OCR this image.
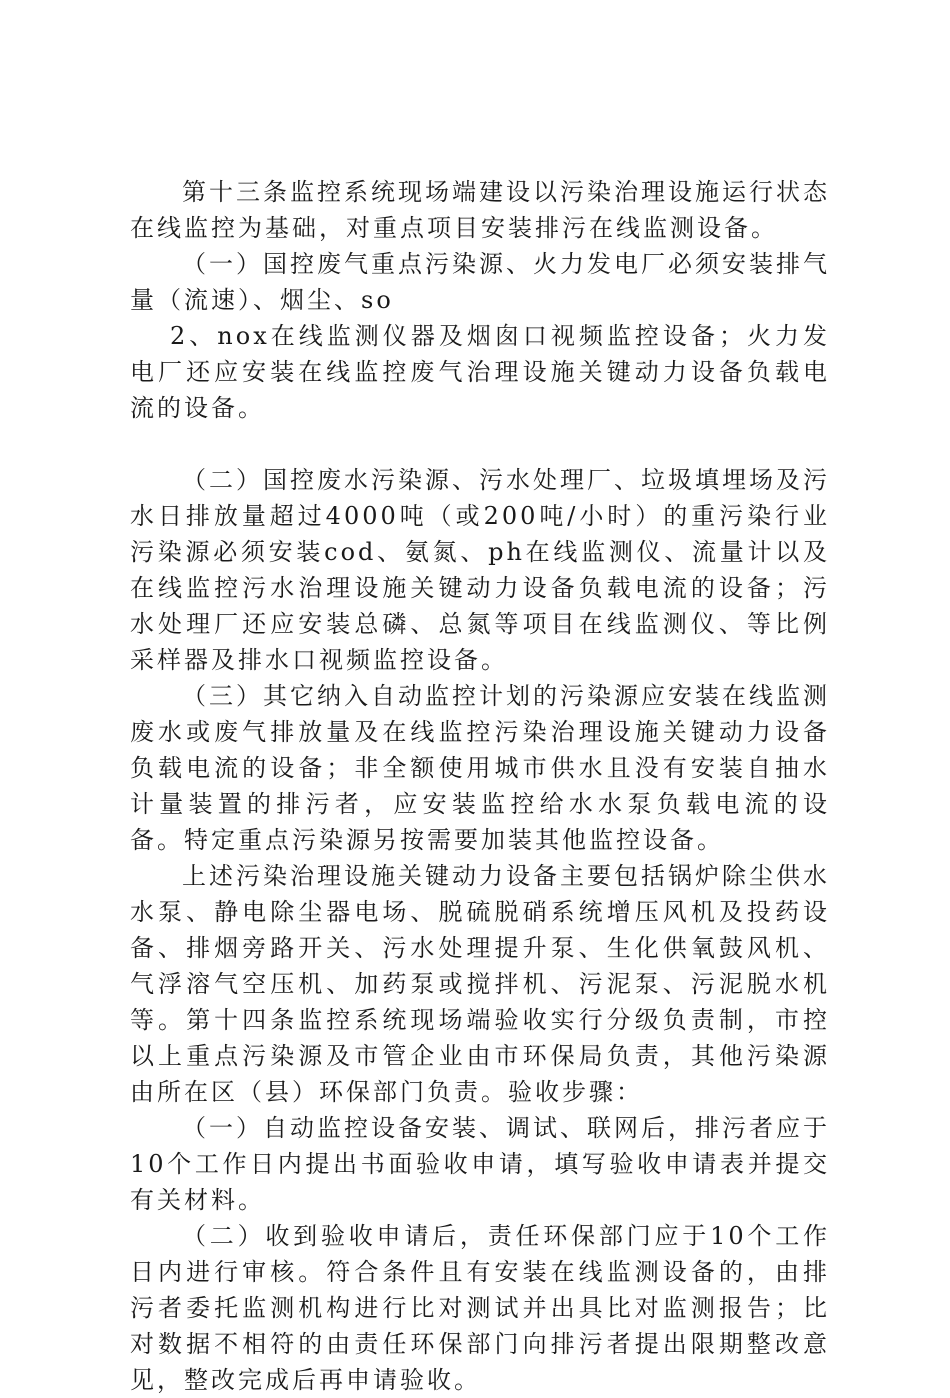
第十三条监控系统现场端建设以污染治理设施运行状态在线监控为基础，对重点项目安装排污在线监测设备。

（一）国控废气重点污染源、火力发电厂必须安装排气量（流速）、烟尘、so

2、nox在线监测仪器及烟囱口视频监控设备；火力发电厂还应安装在线监控废气治理设施关键动力设备负载电流的设备。

（二）国控废水污染源、污水处理厂、垃圾填埋场及污水日排放量超过4000吨（或200吨/小时）的重污染行业污染源必须安装cod、氨氮、ph在线监测仪、流量计以及在线监控污水治理设施关键动力设备负载电流的设备；污水处理厂还应安装总磷、总氮等项目在线监测仪、等比例采样器及排水口视频监控设备。

（三）其它纳入自动监控计划的污染源应安装在线监测废水或废气排放量及在线监控污染治理设施关键动力设备负载电流的设备；非全额使用城市供水且没有安装自抽水计量装置的排污者，应安装监控给水水泵负载电流的设备。特定重点污染源另按需要加装其他监控设备。

上述污染治理设施关键动力设备主要包括锅炉除尘供水水泵、静电除尘器电场、脱硫脱硝系统增压风机及投药设备、排烟旁路开关、污水处理提升泵、生化供氧鼓风机、气浮溶气空压机、加药泵或搅拌机、污泥泵、污泥脱水机等。第十四条监控系统现场端验收实行分级负责制，市控以上重点污染源及市管企业由市环保局负责，其他污染源由所在区（县）环保部门负责。验收步骤：

（一）自动监控设备安装、调试、联网后，排污者应于10个工作日内提出书面验收申请，填写验收申请表并提交有关材料。

（二）收到验收申请后，责任环保部门应于10个工作日内进行审核。符合条件且有安装在线监测设备的，由排污者委托监测机构进行比对测试并出具比对监测报告；比对数据不相符的由责任环保部门向排污者提出限期整改意见，整改完成后再申请验收。
